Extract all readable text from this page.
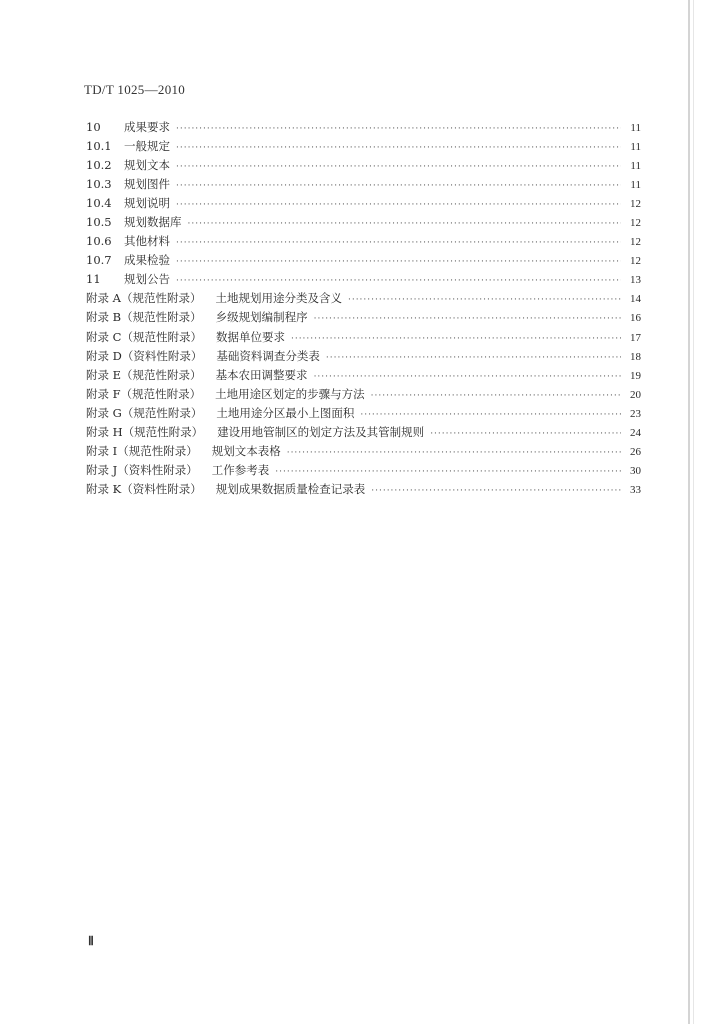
TD/T 1025—2010
10	成果要求 ·····	11
10.1	一般规定 ·····	11
10.2	规划文本 ·····	11
10.3	规划图件 ·····	11
10.4	规划说明 ·····	12
10.5	规划数据库 ·····	12
10.6	其他材料 ·····	12
10.7	成果检验 ·····	12
11	规划公告 ·····	13
附录 A（规范性附录） 土地规划用途分类及含义 ·····	14
附录 B（规范性附录） 乡级规划编制程序 ·····	16
附录 C（规范性附录） 数据单位要求 ·····	17
附录 D（资料性附录） 基础资料调查分类表 ·····	18
附录 E（规范性附录） 基本农田调整要求 ·····	19
附录 F（规范性附录） 土地用途区划定的步骤与方法 ·····	20
附录 G（规范性附录） 土地用途分区最小上图面积 ·····	23
附录 H（规范性附录） 建设用地管制区的划定方法及其管制规则 ·····	24
附录 I（规范性附录） 规划文本表格 ·····	26
附录 J（资料性附录） 工作参考表 ·····	30
附录 K（资料性附录） 规划成果数据质量检查记录表 ·····	33
Ⅱ
